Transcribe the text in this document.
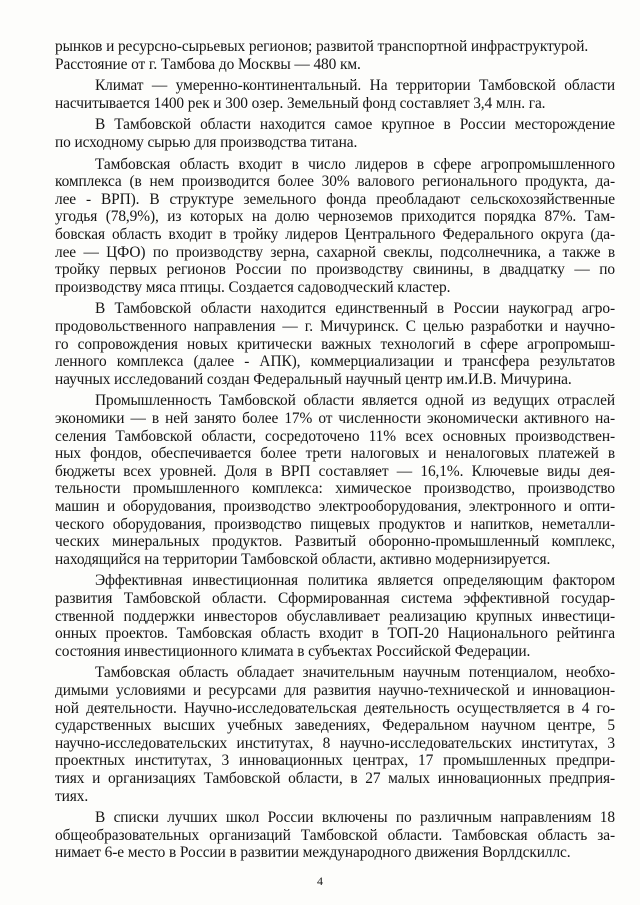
рынков и ресурсно-сырьевых регионов; развитой транспортной инфраструктурой.
Расстояние от г. Тамбова до Москвы — 480 км.
Климат — умеренно-континентальный. На территории Тамбовской области
насчитывается 1400 рек и 300 озер. Земельный фонд составляет 3,4 млн. га.
В Тамбовской области находится самое крупное в России месторождение
по исходному сырью для производства титана.
Тамбовская область входит в число лидеров в сфере агропромышленного
комплекса (в нем производится более 30% валового регионального продукта, да-
лее - ВРП). В структуре земельного фонда преобладают сельскохозяйственные
угодья (78,9%), из которых на долю черноземов приходится порядка 87%. Там-
бовская область входит в тройку лидеров Центрального Федерального округа (да-
лее — ЦФО) по производству зерна, сахарной свеклы, подсолнечника, а также в
тройку первых регионов России по производству свинины, в двадцатку — по
производству мяса птицы. Создается садоводческий кластер.
В Тамбовской области находится единственный в России наукоград агро-
продовольственного направления — г. Мичуринск. С целью разработки и научно-
го сопровождения новых критически важных технологий в сфере агропромыш-
ленного комплекса (далее - АПК), коммерциализации и трансфера результатов
научных исследований создан Федеральный научный центр им.И.В. Мичурина.
Промышленность Тамбовской области является одной из ведущих отраслей
экономики — в ней занято более 17% от численности экономически активного на-
селения Тамбовской области, сосредоточено 11% всех основных производствен-
ных фондов, обеспечивается более трети налоговых и неналоговых платежей в
бюджеты всех уровней. Доля в ВРП составляет — 16,1%. Ключевые виды дея-
тельности промышленного комплекса: химическое производство, производство
машин и оборудования, производство электрооборудования, электронного и опти-
ческого оборудования, производство пищевых продуктов и напитков, неметалли-
ческих минеральных продуктов. Развитый оборонно-промышленный комплекс,
находящийся на территории Тамбовской области, активно модернизируется.
Эффективная инвестиционная политика является определяющим фактором
развития Тамбовской области. Сформированная система эффективной государ-
ственной поддержки инвесторов обуславливает реализацию крупных инвестици-
онных проектов. Тамбовская область входит в ТОП-20 Национального рейтинга
состояния инвестиционного климата в субъектах Российской Федерации.
Тамбовская область обладает значительным научным потенциалом, необхо-
димыми условиями и ресурсами для развития научно-технической и инновацион-
ной деятельности. Научно-исследовательская деятельность осуществляется в 4 го-
сударственных высших учебных заведениях, Федеральном научном центре, 5
научно-исследовательских институтах, 8 научно-исследовательских институтах, 3
проектных институтах, 3 инновационных центрах, 17 промышленных предпри-
тиях и организациях Тамбовской области, в 27 малых инновационных предприя-
тиях.
В списки лучших школ России включены по различным направлениям 18
общеобразовательных организаций Тамбовской области. Тамбовская область за-
нимает 6-е место в России в развитии международного движения Ворлдскиллс.
4
